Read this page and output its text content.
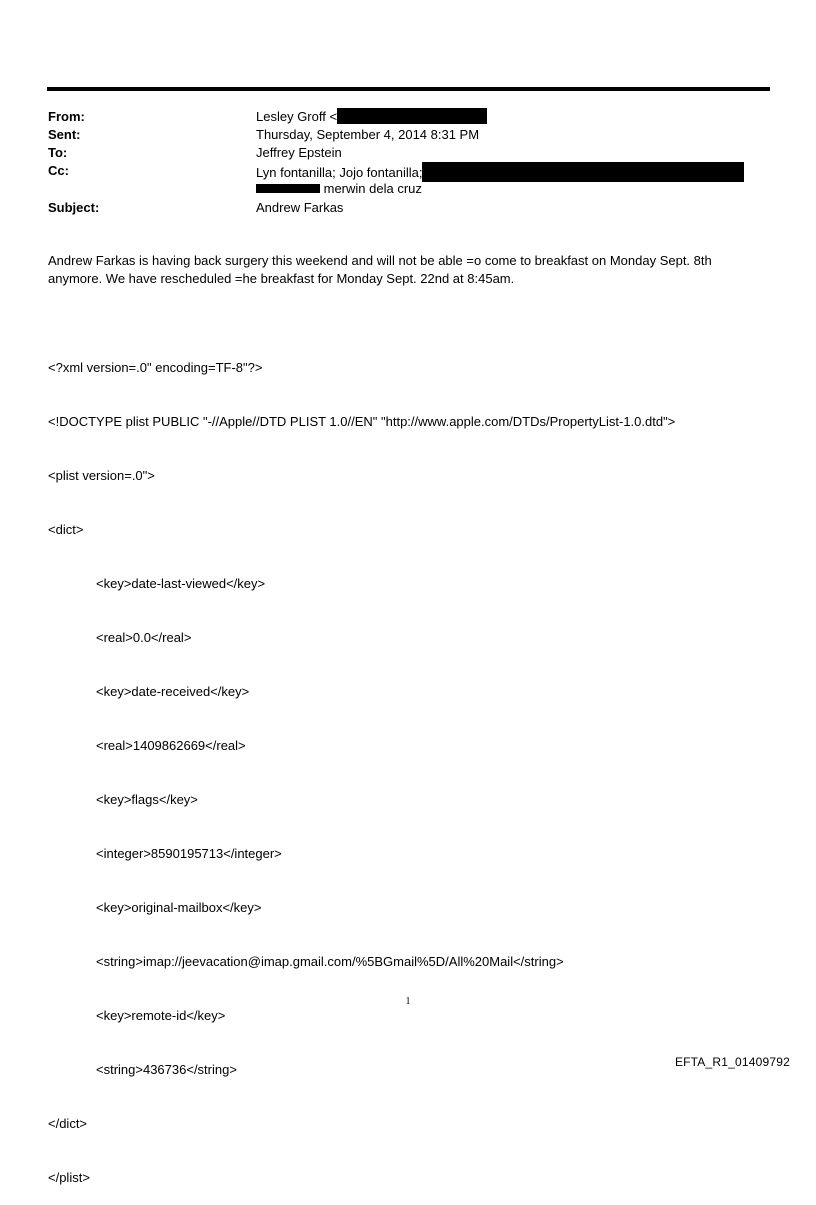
From:	Lesley Groff <
Sent:	Thursday, September 4, 2014 8:31 PM
To:	Jeffrey Epstein
Cc:	Lyn fontanilla; Jojo fontanilla;
merwin dela cruz
Subject:	Andrew Farkas

Andrew Farkas is having back surgery this weekend and will not be able =o come to breakfast on Monday Sept. 8th

anymore. We have rescheduled =he breakfast for Monday Sept. 22nd at 8:45am.

<?xml version=.0" encoding=TF-8"?>

<!DOCTYPE plist PUBLIC "-//Apple//DTD PLIST 1.0//EN" "http://www.apple.com/DTDs/PropertyList-1.0.dtd">

<plist version=.0">

<dict>

<key>date-last-viewed</key>

<real>0.0</real>

<key>date-received</key>

<real>1409862669</real>

<key>flags</key>

<integer>8590195713</integer>

<key>original-mailbox</key>

<string>imap://jeevacation@imap.gmail.com/%5BGmail%5D/All%20Mail</string>

<key>remote-id</key>

<string>436736</string>

</dict>

</plist>

1
EFTA_R1_01409792
